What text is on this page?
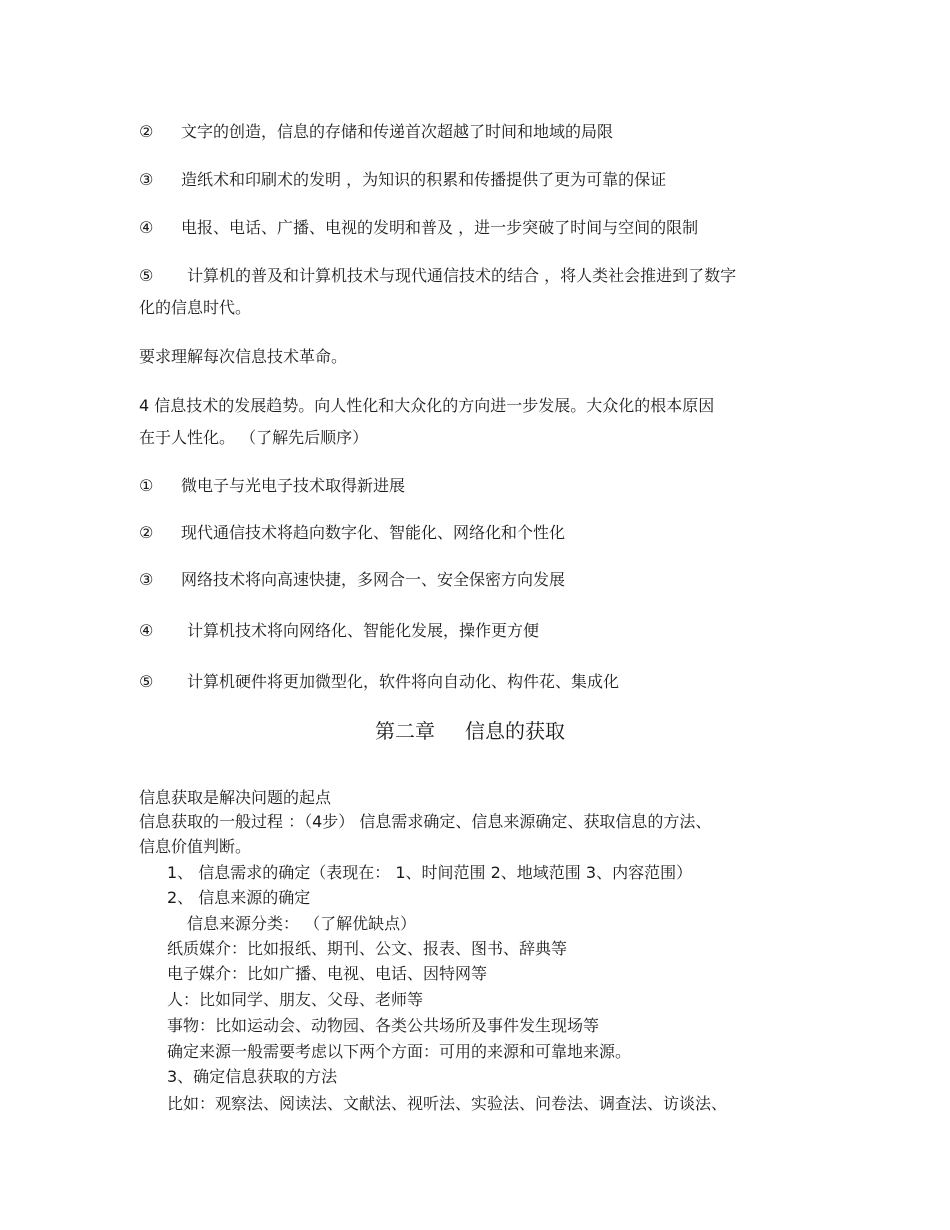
② 文字的创造，信息的存储和传递首次超越了时间和地域的局限
③ 造纸术和印刷术的发明 ，为知识的积累和传播提供了更为可靠的保证
④ 电报、电话、广播、电视的发明和普及 ，进一步突破了时间与空间的限制
⑤ 计算机的普及和计算机技术与现代通信技术的结合 ，将人类社会推进到了数字
化的信息时代。
要求理解每次信息技术革命。
4 信息技术的发展趋势。向人性化和大众化的方向进一步发展。大众化的根本原因
在于人性化。 （了解先后顺序）
① 微电子与光电子技术取得新进展
② 现代通信技术将趋向数字化、智能化、网络化和个性化
③ 网络技术将向高速快捷，多网合一、安全保密方向发展
④ 计算机技术将向网络化、智能化发展，操作更方便
⑤ 计算机硬件将更加微型化，软件将向自动化、构件花、集成化
第二章 信息的获取
信息获取是解决问题的起点
信息获取的一般过程 ：（4步） 信息需求确定、信息来源确定、获取信息的方法、
信息价值判断。
1、 信息需求的确定（表现在： 1、时间范围 2、地域范围 3、内容范围）
2、 信息来源的确定
信息来源分类： （了解优缺点）
纸质媒介：比如报纸、期刊、公文、报表、图书、辞典等
电子媒介：比如广播、电视、电话、因特网等
人：比如同学、朋友、父母、老师等
事物：比如运动会、动物园、各类公共场所及事件发生现场等
确定来源一般需要考虑以下两个方面：可用的来源和可靠地来源。
3、确定信息获取的方法
比如：观察法、阅读法、文献法、视听法、实验法、问卷法、调查法、访谈法、
